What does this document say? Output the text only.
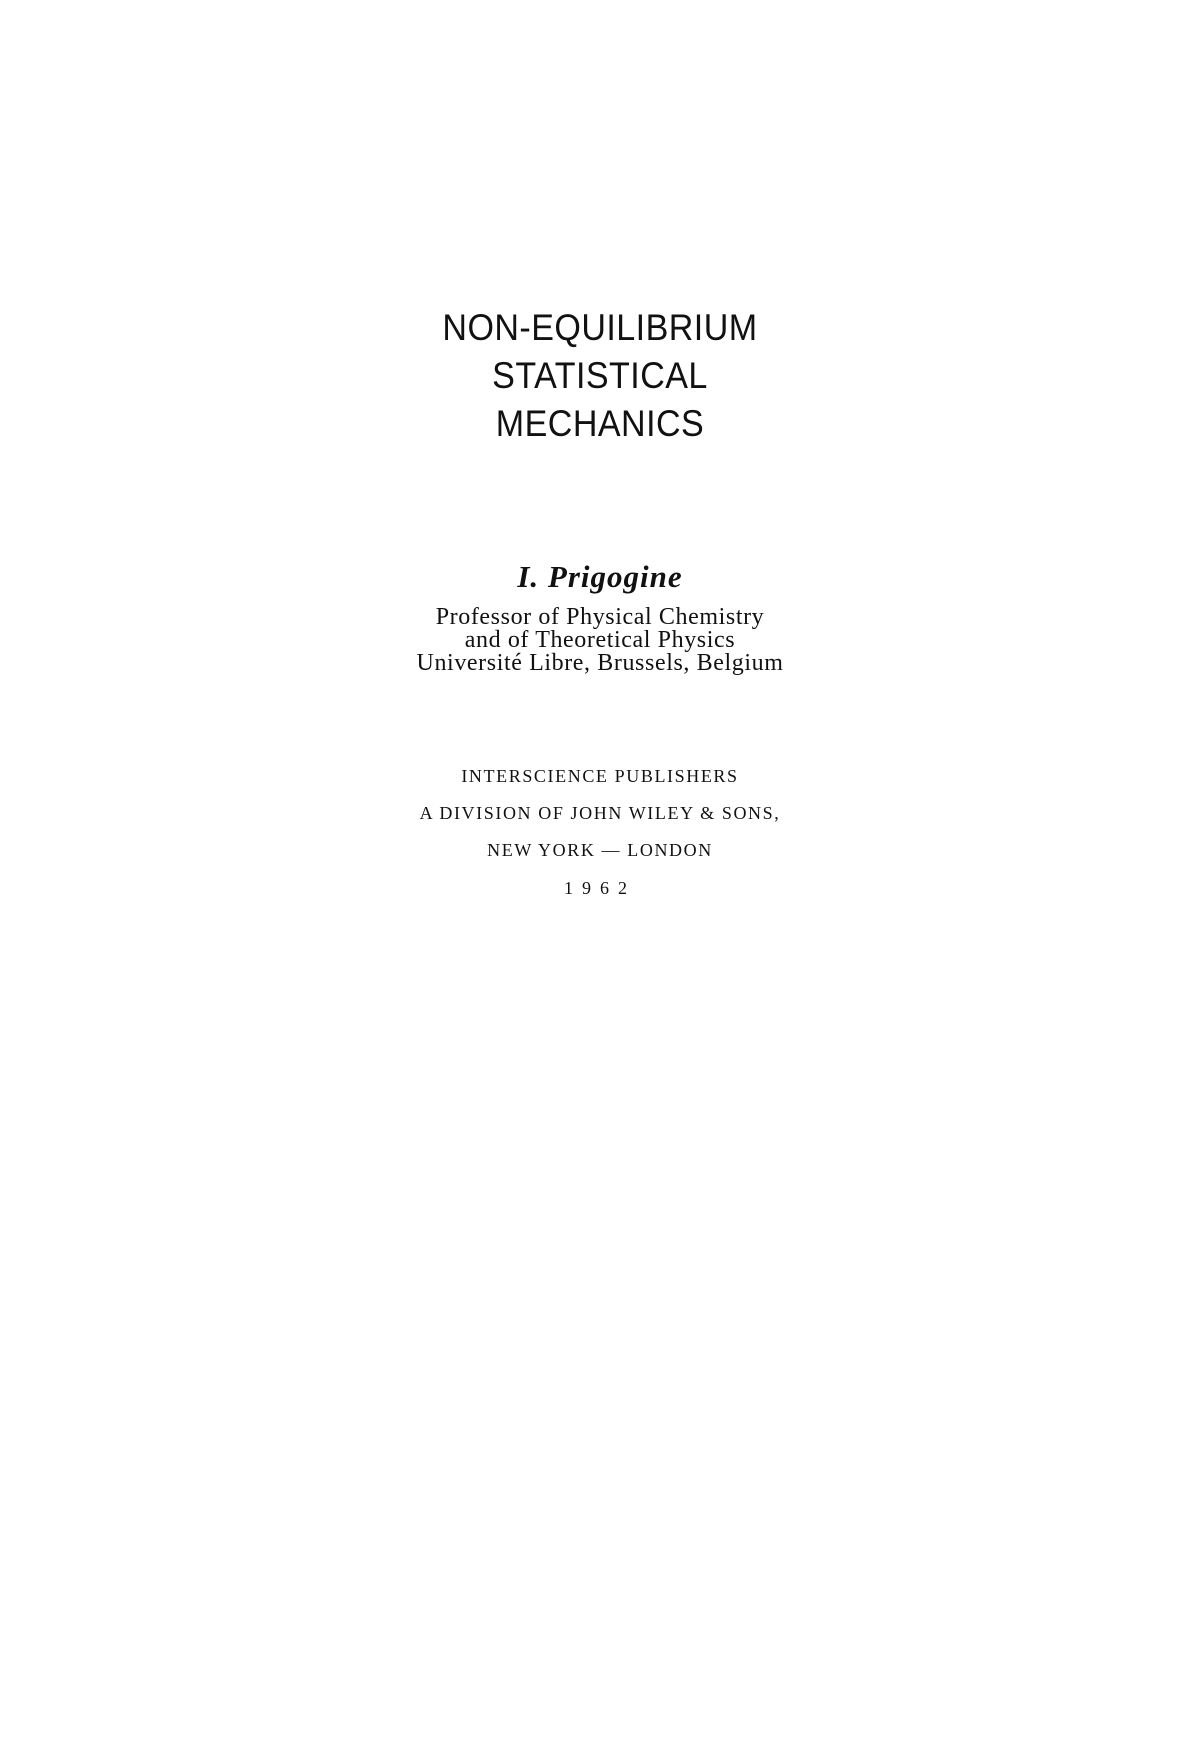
NON-EQUILIBRIUM
STATISTICAL
MECHANICS
I. Prigogine
Professor of Physical Chemistry
and of Theoretical Physics
Université Libre, Brussels, Belgium
INTERSCIENCE PUBLISHERS
A DIVISION OF JOHN WILEY & SONS,
NEW YORK — LONDON
1962
